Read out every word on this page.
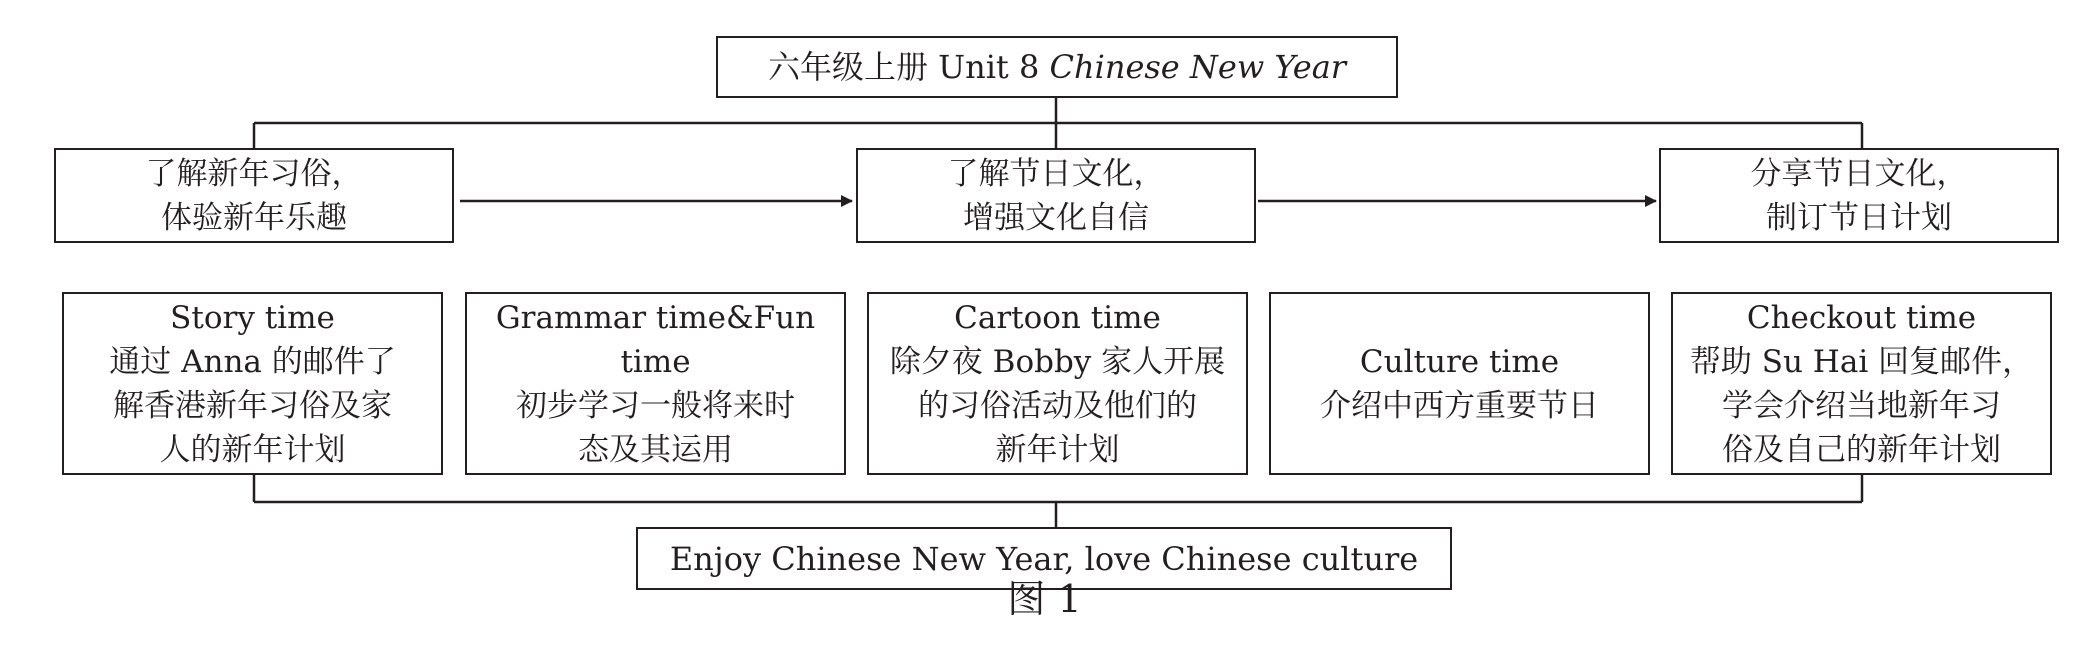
六年级上册 Unit 8 Chinese New Year
了解新年习俗，
体验新年乐趣
了解节日文化，
增强文化自信
分享节日文化，
制订节日计划
Story time
通过 Anna 的邮件了
解香港新年习俗及家
人的新年计划
Grammar time&Fun
time
初步学习一般将来时
态及其运用
Cartoon time
除夕夜 Bobby 家人开展
的习俗活动及他们的
新年计划
Culture time
介绍中西方重要节日
Checkout time
帮助 Su Hai 回复邮件，
学会介绍当地新年习
俗及自己的新年计划
Enjoy Chinese New Year, love Chinese culture
图 1
